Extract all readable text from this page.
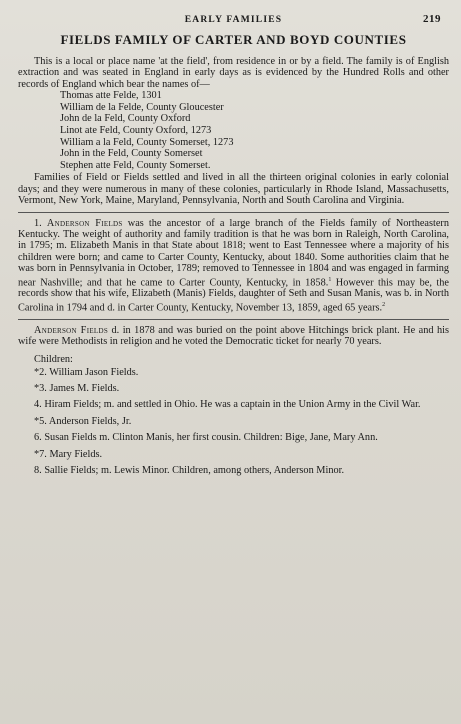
EARLY FAMILIES	219
FIELDS FAMILY OF CARTER AND BOYD COUNTIES

This is a local or place name 'at the field', from residence in or by a field. The family is of English extraction and was seated in England in early days as is evidenced by the Hundred Rolls and other records of England which bear the names of—

Thomas atte Felde, 1301
William de la Felde, County Gloucester
John de la Feld, County Oxford
Linot ate Feld, County Oxford, 1273
William a la Feld, County Somerset, 1273
John in the Feld, County Somerset
Stephen atte Feld, County Somerset.

Families of Field or Fields settled and lived in all the thirteen original colonies in early colonial days; and they were numerous in many of these colonies, particularly in Rhode Island, Massachusetts, Vermont, New York, Maine, Maryland, Pennsylvania, North and South Carolina and Virginia.

1. Anderson Fields was the ancestor of a large branch of the Fields family of Northeastern Kentucky. The weight of authority and family tradition is that he was born in Raleigh, North Carolina, in 1795; m. Elizabeth Manis in that State about 1818; went to East Tennessee where a majority of his children were born; and came to Carter County, Kentucky, about 1840. Some authorities claim that he was born in Pennsylvania in October, 1789; removed to Tennessee in 1804 and was engaged in farming near Nashville; and that he came to Carter County, Kentucky, in 1858.$^1$ However this may be, the records show that his wife, Elizabeth (Manis) Fields, daughter of Seth and Susan Manis, was b. in North Carolina in 1794 and d. in Carter County, Kentucky, November 13, 1859, aged 65 years.$^2$

Anderson Fields d. in 1878 and was buried on the point above Hitchings brick plant. He and his wife were Methodists in religion and he voted the Democratic ticket for nearly 70 years.

Children:
*2. William Jason Fields.
*3. James M. Fields.
4. Hiram Fields; m. and settled in Ohio. He was a captain in the Union Army in the Civil War.
*5. Anderson Fields, Jr.
6. Susan Fields m. Clinton Manis, her first cousin. Children: Bige, Jane, Mary Ann.
*7. Mary Fields.
8. Sallie Fields; m. Lewis Minor. Children, among others, Anderson Minor.
